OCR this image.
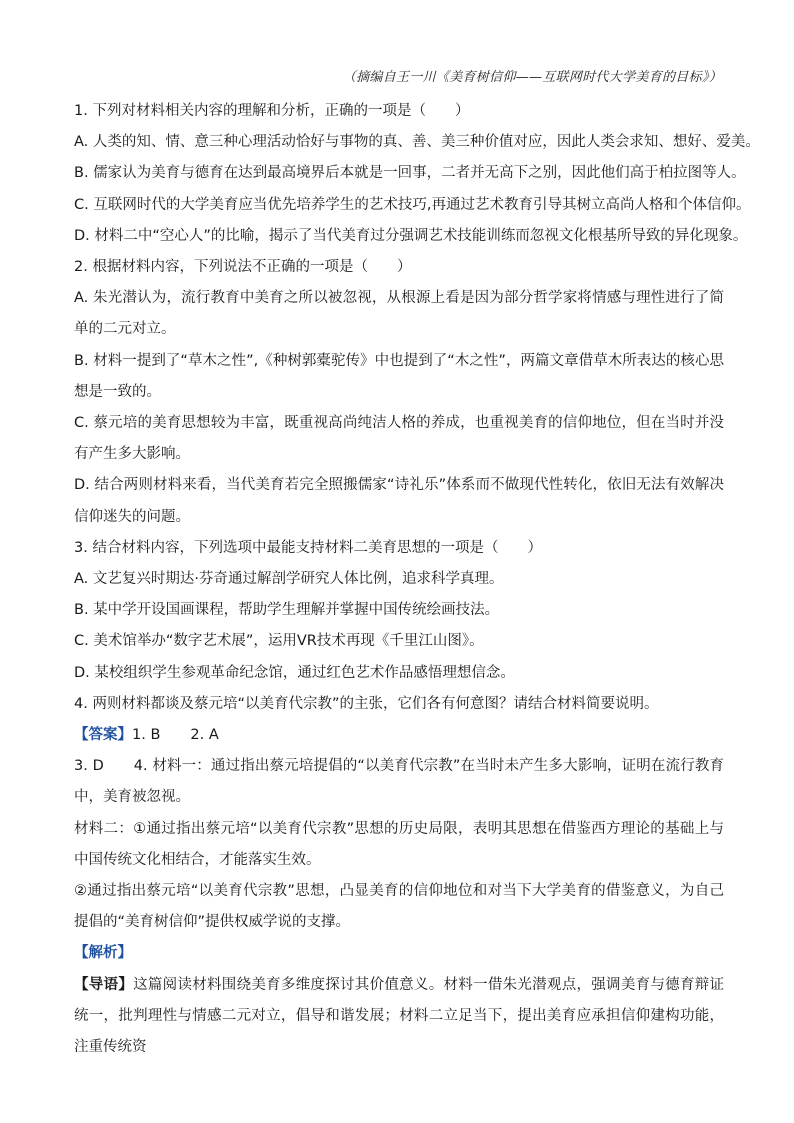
（摘编自王一川《美育树信仰——互联网时代大学美育的目标》）
1. 下列对材料相关内容的理解和分析，正确的一项是（　　）
A. 人类的知、情、意三种心理活动恰好与事物的真、善、美三种价值对应，因此人类会求知、想好、爱美。
B. 儒家认为美育与德育在达到最高境界后本就是一回事，二者并无高下之别，因此他们高于柏拉图等人。
C. 互联网时代的大学美育应当优先培养学生的艺术技巧,再通过艺术教育引导其树立高尚人格和个体信仰。
D. 材料二中“空心人”的比喻，揭示了当代美育过分强调艺术技能训练而忽视文化根基所导致的异化现象。
2. 根据材料内容，下列说法不正确的一项是（　　）
A. 朱光潜认为，流行教育中美育之所以被忽视，从根源上看是因为部分哲学家将情感与理性进行了简单的二元对立。
B. 材料一提到了“草木之性”,《种树郭橐驼传》中也提到了“木之性”，两篇文章借草木所表达的核心思想是一致的。
C. 蔡元培的美育思想较为丰富，既重视高尚纯洁人格的养成，也重视美育的信仰地位，但在当时并没有产生多大影响。
D. 结合两则材料来看，当代美育若完全照搬儒家“诗礼乐”体系而不做现代性转化，依旧无法有效解决信仰迷失的问题。
3. 结合材料内容，下列选项中最能支持材料二美育思想的一项是（　　）
A. 文艺复兴时期达·芬奇通过解剖学研究人体比例，追求科学真理。
B. 某中学开设国画课程，帮助学生理解并掌握中国传统绘画技法。
C. 美术馆举办“数字艺术展”，运用VR技术再现《千里江山图》。
D. 某校组织学生参观革命纪念馆，通过红色艺术作品感悟理想信念。
4. 两则材料都谈及蔡元培“以美育代宗教”的主张，它们各有何意图？请结合材料简要说明。
【答案】1. B 2. A
3. D 4. 材料一：通过指出蔡元培提倡的“以美育代宗教”在当时未产生多大影响，证明在流行教育中，美育被忽视。
材料二：①通过指出蔡元培“以美育代宗教”思想的历史局限，表明其思想在借鉴西方理论的基础上与中国传统文化相结合，才能落实生效。
②通过指出蔡元培“以美育代宗教”思想，凸显美育的信仰地位和对当下大学美育的借鉴意义，为自己提倡的“美育树信仰”提供权威学说的支撑。
【解析】
【导语】这篇阅读材料围绕美育多维度探讨其价值意义。材料一借朱光潜观点，强调美育与德育辩证统一，批判理性与情感二元对立，倡导和谐发展；材料二立足当下，提出美育应承担信仰建构功能，注重传统资
